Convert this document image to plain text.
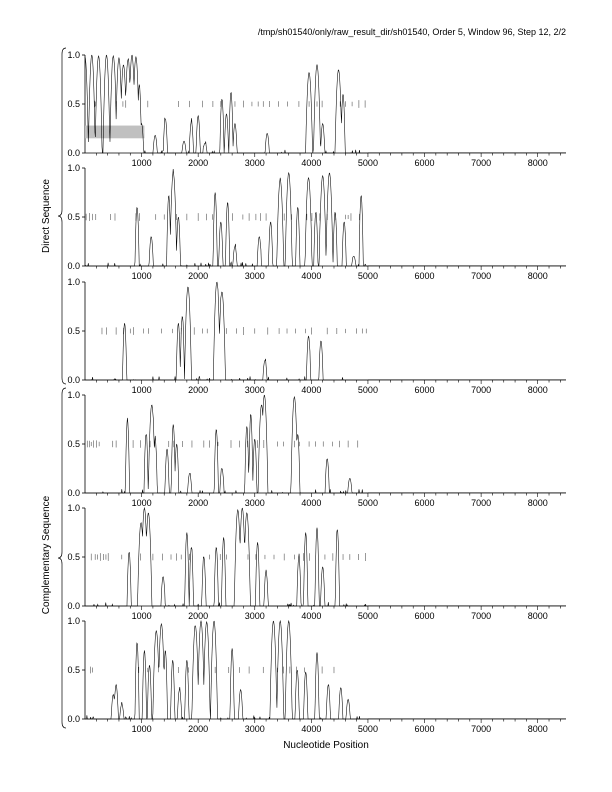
/tmp/sh01540/only/raw_result_dir/sh01540, Order 5, Window 96, Step 12, 2/2
0.0
0.5
1.0
1000	2000	3000	4000	5000	6000	7000	8000
0.0
0.5
1.0
1000	2000	3000	4000	5000	6000	7000	8000
0.0
0.5
1.0
1000	2000	3000	4000	5000	6000	7000	8000
0.0
0.5
1.0
1000	2000	3000	4000	5000	6000	7000	8000
0.0
0.5
1.0
1000	2000	3000	4000	5000	6000	7000	8000
0.0
0.5
1.0
1000	2000	3000	4000	5000	6000	7000	8000
Direct Sequence
Complementary Sequence
Nucleotide Position
